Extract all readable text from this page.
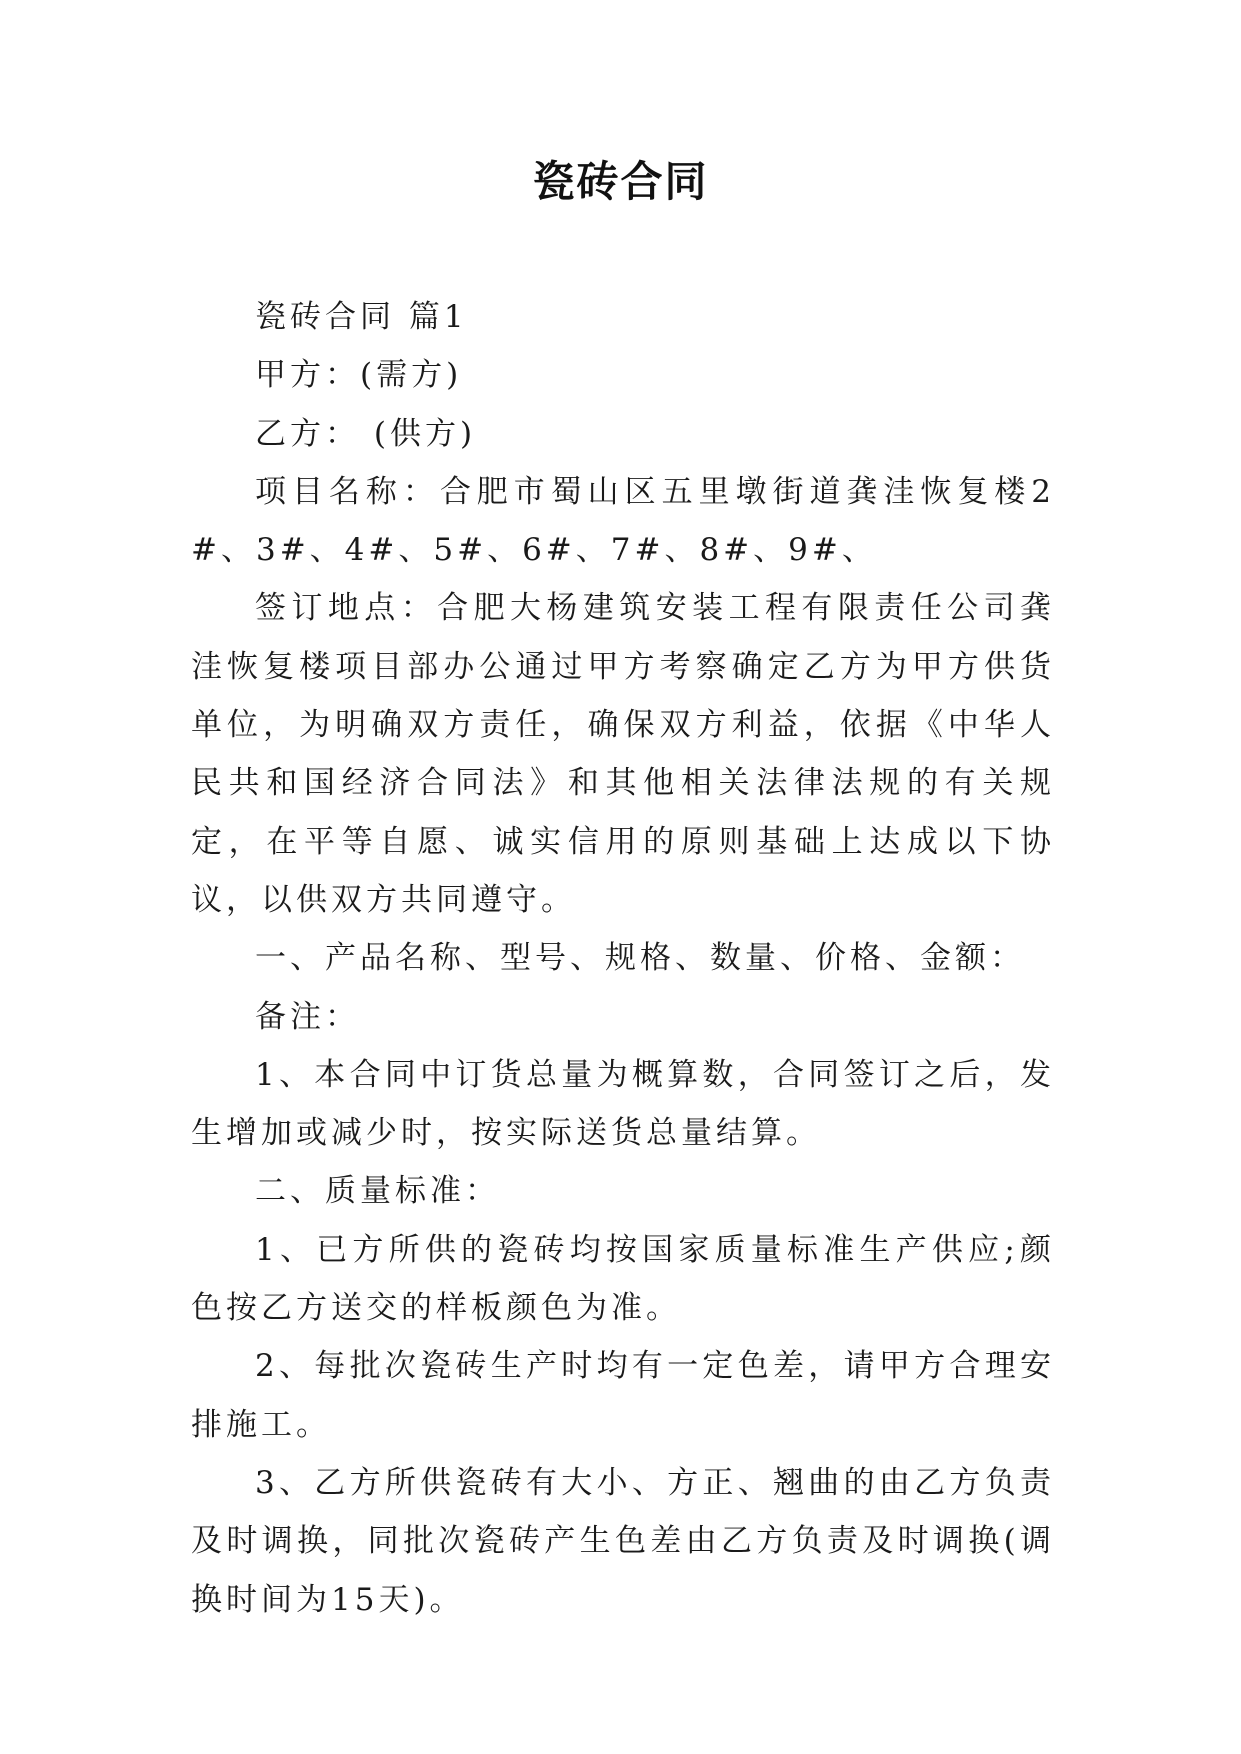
瓷砖合同

瓷砖合同 篇1

甲方：(需方)

乙方： (供方)

项目名称：合肥市蜀山区五里墩街道龚洼恢复楼2#、3#、4#、5#、6#、7#、8#、9#、

签订地点：合肥大杨建筑安装工程有限责任公司龚洼恢复楼项目部办公通过甲方考察确定乙方为甲方供货单位，为明确双方责任，确保双方利益，依据《中华人民共和国经济合同法》和其他相关法律法规的有关规定，在平等自愿、诚实信用的原则基础上达成以下协议，以供双方共同遵守。

一、产品名称、型号、规格、数量、价格、金额：

备注：

1、本合同中订货总量为概算数，合同签订之后，发生增加或减少时，按实际送货总量结算。

二、质量标准：

1、已方所供的瓷砖均按国家质量标准生产供应;颜色按乙方送交的样板颜色为准。

2、每批次瓷砖生产时均有一定色差，请甲方合理安排施工。

3、乙方所供瓷砖有大小、方正、翘曲的由乙方负责及时调换，同批次瓷砖产生色差由乙方负责及时调换(调换时间为15天)。
